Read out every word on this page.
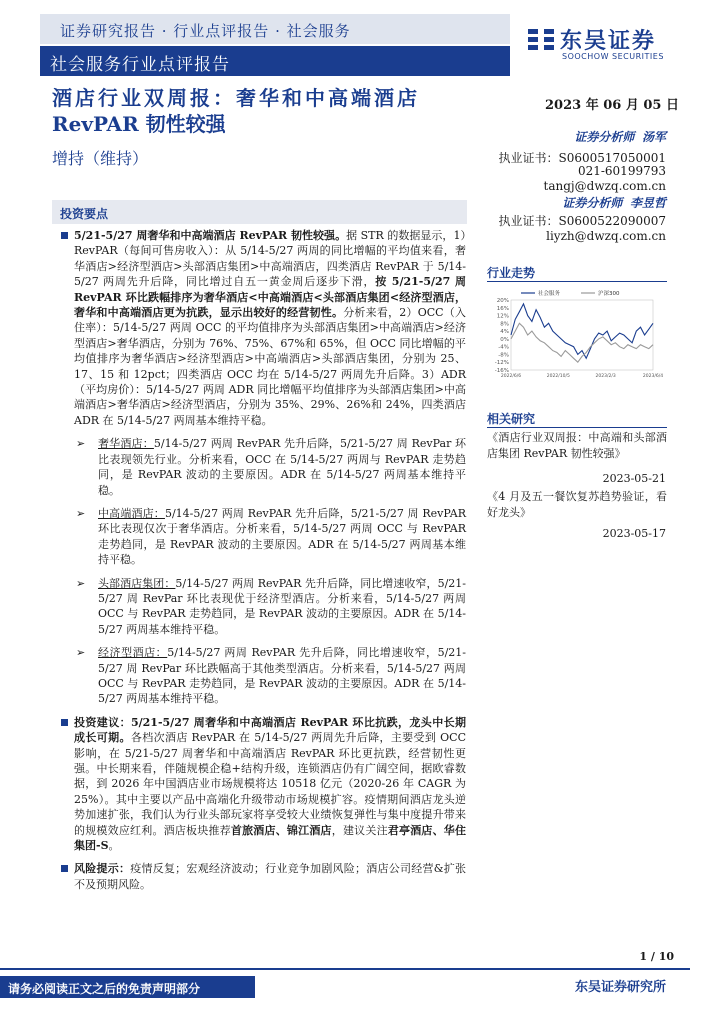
证券研究报告 · 行业点评报告 · 社会服务
社会服务行业点评报告
东吴证券
SOOCHOW SECURITIES
酒店行业双周报：奢华和中高端酒店
RevPAR 韧性较强
增持（维持）
2023 年 06 月 05 日
证券分析师 汤军
执业证书：S0600517050001
021-60199793
tangj@dwzq.com.cn
证券分析师 李昱哲
执业证书：S0600522090007
liyzh@dwzq.com.cn
投资要点

5/21-5/27 周奢华和中高端酒店 RevPAR 韧性较强。据 STR 的数据显示，1）RevPAR（每间可售房收入）：从 5/14-5/27 两周的同比增幅的平均值来看，奢华酒店>经济型酒店>头部酒店集团>中高端酒店，四类酒店 RevPAR 于 5/14-5/27 两周先升后降，同比增过自五一黄金周后逐步下滑，按 5/21-5/27 周 RevPAR 环比跌幅排序为奢华酒店<中高端酒店<头部酒店集团<经济型酒店，奢华和中高端酒店更为抗跌，显示出较好的经营韧性。分析来看，2）OCC（入住率）：5/14-5/27 两周 OCC 的平均值排序为头部酒店集团>中高端酒店>经济型酒店>奢华酒店，分别为 76%、75%、67%和 65%，但 OCC 同比增幅的平均值排序为奢华酒店>经济型酒店>中高端酒店>头部酒店集团，分别为 25、17、15 和 12pct；四类酒店 OCC 均在 5/14-5/27 两周先升后降。3）ADR（平均房价）：5/14-5/27 两周 ADR 同比增幅平均值排序为头部酒店集团>中高端酒店>奢华酒店>经济型酒店，分别为 35%、29%、26%和 24%，四类酒店 ADR 在 5/14-5/27 两周基本维持平稳。

➢ 奢华酒店：5/14-5/27 两周 RevPAR 先升后降，5/21-5/27 周 RevPar 环比表现领先行业。分析来看，OCC 在 5/14-5/27 两周与 RevPAR 走势趋同，是 RevPAR 波动的主要原因。ADR 在 5/14-5/27 两周基本维持平稳。
➢ 中高端酒店：5/14-5/27 两周 RevPAR 先升后降，5/21-5/27 周 RevPAR 环比表现仅次于奢华酒店。分析来看，5/14-5/27 两周 OCC 与 RevPAR 走势趋同，是 RevPAR 波动的主要原因。ADR 在 5/14-5/27 两周基本维持平稳。
➢ 头部酒店集团：5/14-5/27 两周 RevPAR 先升后降，同比增速收窄，5/21-5/27 周 RevPar 环比表现优于经济型酒店。分析来看，5/14-5/27 两周 OCC 与 RevPAR 走势趋同，是 RevPAR 波动的主要原因。ADR 在 5/14-5/27 两周基本维持平稳。
➢ 经济型酒店：5/14-5/27 两周 RevPAR 先升后降，同比增速收窄，5/21-5/27 周 RevPar 环比跌幅高于其他类型酒店。分析来看，5/14-5/27 两周 OCC 与 RevPAR 走势趋同，是 RevPAR 波动的主要原因。ADR 在 5/14-5/27 两周基本维持平稳。

投资建议：5/21-5/27 周奢华和中高端酒店 RevPAR 环比抗跌，龙头中长期成长可期。各档次酒店 RevPAR 在 5/14-5/27 两周先升后降，主要受到 OCC 影响，在 5/21-5/27 周奢华和中高端酒店 RevPAR 环比更抗跌，经营韧性更强。中长期来看，伴随规模企稳+结构升级，连锁酒店仍有广阔空间，据欧睿数据，到 2026 年中国酒店业市场规模将达 10518 亿元（2020-26 年 CAGR 为 25%）。其中主要以产品中高端化升级带动市场规模扩容。疫情期间酒店龙头逆势加速扩张，我们认为行业头部玩家将享受较大业绩恢复弹性与集中度提升带来的规模效应红利。酒店板块推荐首旅酒店、锦江酒店，建议关注君亭酒店、华住集团-S。

风险提示：疫情反复；宏观经济波动；行业竞争加剧风险；酒店公司经营&扩张不及预期风险。

行业走势
20%
16%
12%
8%
4%
0%
-4%
-8%
-12%
-16%
2022/6/6	2022/10/5	2023/2/3	2023/6/4
社会服务	沪深300
相关研究
《酒店行业双周报：中高端和头部酒店集团 RevPAR 韧性较强》
2023-05-21
《4 月及五一餐饮复苏趋势验证，看好龙头》
2023-05-17
1 / 10
请务必阅读正文之后的免责声明部分	东吴证券研究所
